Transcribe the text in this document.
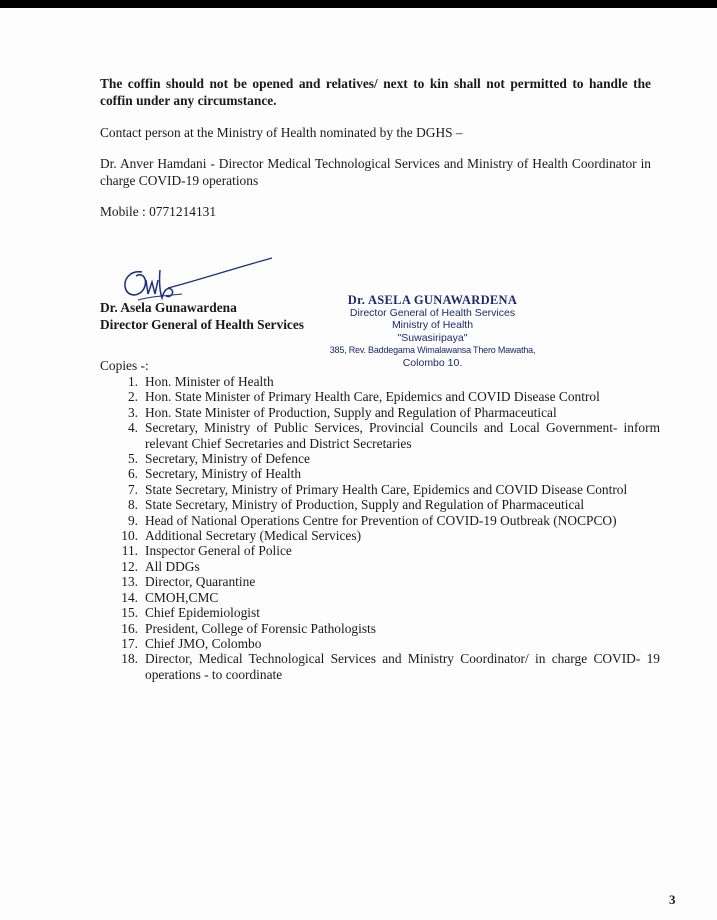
The coffin should not be opened and relatives/ next to kin shall not permitted to handle the coffin under any circumstance.
Contact person at the Ministry of Health nominated by the DGHS –
Dr. Anver Hamdani - Director Medical Technological Services and Ministry of Health Coordinator in charge COVID-19 operations
Mobile : 0771214131
Dr. Asela Gunawardena
Director General of Health Services
Dr. ASELA GUNAWARDENA
Director General of Health Services
Ministry of Health
"Suwasiripaya"
385, Rev. Baddegama Wimalawansa Thero Mawatha,
Colombo 10.
Copies -:
1. Hon. Minister of Health
2. Hon. State Minister of Primary Health Care, Epidemics and COVID Disease Control
3. Hon. State Minister of Production, Supply and Regulation of Pharmaceutical
4. Secretary, Ministry of Public Services, Provincial Councils and Local Government- inform relevant Chief Secretaries and District Secretaries
5. Secretary, Ministry of Defence
6. Secretary, Ministry of Health
7. State Secretary, Ministry of Primary Health Care, Epidemics and COVID Disease Control
8. State Secretary, Ministry of Production, Supply and Regulation of Pharmaceutical
9. Head of National Operations Centre for Prevention of COVID-19 Outbreak (NOCPCO)
10. Additional Secretary (Medical Services)
11. Inspector General of Police
12. All DDGs
13. Director, Quarantine
14. CMOH,CMC
15. Chief Epidemiologist
16. President, College of Forensic Pathologists
17. Chief JMO, Colombo
18. Director, Medical Technological Services and Ministry Coordinator/ in charge COVID- 19 operations - to coordinate
3
